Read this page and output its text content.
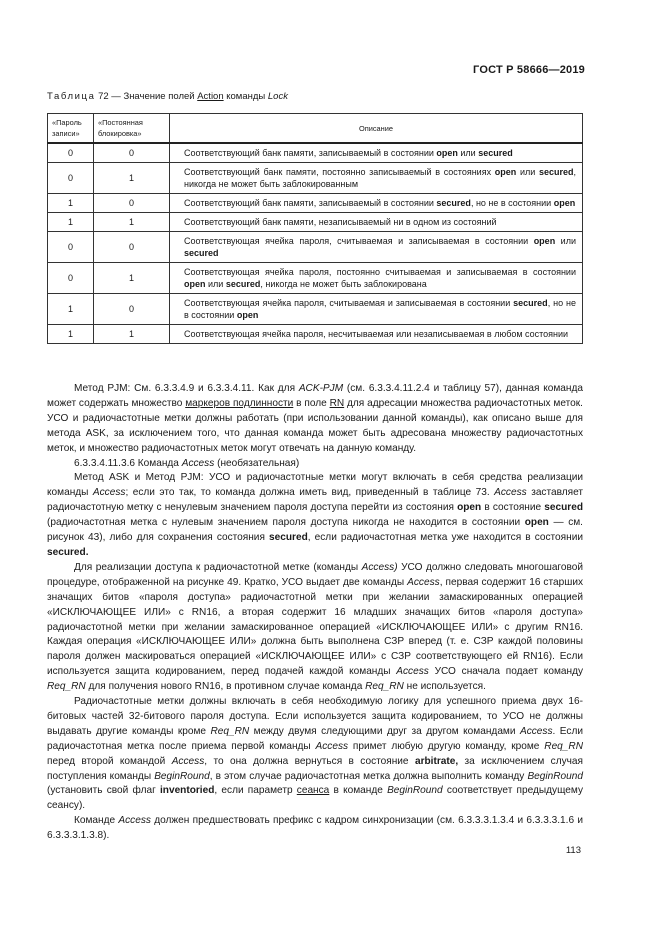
ГОСТ Р 58666—2019
Таблица 72 — Значение полей Action команды Lock
«Пароль записи»	«Постоянная блокировка»	Описание
0	0	Соответствующий банк памяти, записываемый в состоянии open или secured
0	1	Соответствующий банк памяти, постоянно записываемый в состояниях open или secured, никогда не может быть заблокированным
1	0	Соответствующий банк памяти, записываемый в состоянии secured, но не в состоянии open
1	1	Соответствующий банк памяти, незаписываемый ни в одном из состояний
0	0	Соответствующая ячейка пароля, считываемая и записываемая в состоянии open или secured
0	1	Соответствующая ячейка пароля, постоянно считываемая и записываемая в состоянии open или secured, никогда не может быть заблокирована
1	0	Соответствующая ячейка пароля, считываемая и записываемая в состоянии secured, но не в состоянии open
1	1	Соответствующая ячейка пароля, несчитываемая или незаписываемая в любом состоянии

Метод PJM: См. 6.3.3.4.9 и 6.3.3.4.11. Как для ACK-PJM (см. 6.3.3.4.11.2.4 и таблицу 57), данная команда может содержать множество маркеров подлинности в поле RN для адресации множества радиочастотных меток. УСО и радиочастотные метки должны работать (при использовании данной команды), как описано выше для метода ASK, за исключением того, что данная команда может быть адресована множеству радиочастотных меток, и множество радиочастотных меток могут отвечать на данную команду.

6.3.3.4.11.3.6 Команда Access (необязательная)

Метод ASK и Метод PJM: УСО и радиочастотные метки могут включать в себя средства реализации команды Access; если это так, то команда должна иметь вид, приведенный в таблице 73. Access заставляет радиочастотную метку с ненулевым значением пароля доступа перейти из состояния open в состояние secured (радиочастотная метка с нулевым значением пароля доступа никогда не находится в состоянии open — см. рисунок 43), либо для сохранения состояния secured, если радиочастотная метка уже находится в состоянии secured.

Для реализации доступа к радиочастотной метке (команды Access) УСО должно следовать многошаговой процедуре, отображенной на рисунке 49. Кратко, УСО выдает две команды Access, первая содержит 16 старших значащих битов «пароля доступа» радиочастотной метки при желании замаскированных операцией «ИСКЛЮЧАЮЩЕЕ ИЛИ» с RN16, а вторая содержит 16 младших значащих битов «пароля доступа» радиочастотной метки при желании замаскированное операцией «ИСКЛЮЧАЮЩЕЕ ИЛИ» с другим RN16. Каждая операция «ИСКЛЮЧАЮЩЕЕ ИЛИ» должна быть выполнена СЗР вперед (т. е. СЗР каждой половины пароля должен маскироваться операцией «ИСКЛЮЧАЮЩЕЕ ИЛИ» с СЗР соответствующего ей RN16). Если используется защита кодированием, перед подачей каждой команды Access УСО сначала подает команду Req_RN для получения нового RN16, в противном случае команда Req_RN не используется.

Радиочастотные метки должны включать в себя необходимую логику для успешного приема двух 16-битовых частей 32-битового пароля доступа. Если используется защита кодированием, то УСО не должны выдавать другие команды кроме Req_RN между двумя следующими друг за другом командами Access. Если радиочастотная метка после приема первой команды Access примет любую другую команду, кроме Req_RN перед второй командой Access, то она должна вернуться в состояние arbitrate, за исключением случая поступления команды BeginRound, в этом случае радиочастотная метка должна выполнить команду BeginRound (установить свой флаг inventoried, если параметр сеанса в команде BeginRound соответствует предыдущему сеансу).

Команде Access должен предшествовать префикс с кадром синхронизации (см. 6.3.3.3.1.3.4 и 6.3.3.3.1.6 и 6.3.3.3.1.3.8).

113
